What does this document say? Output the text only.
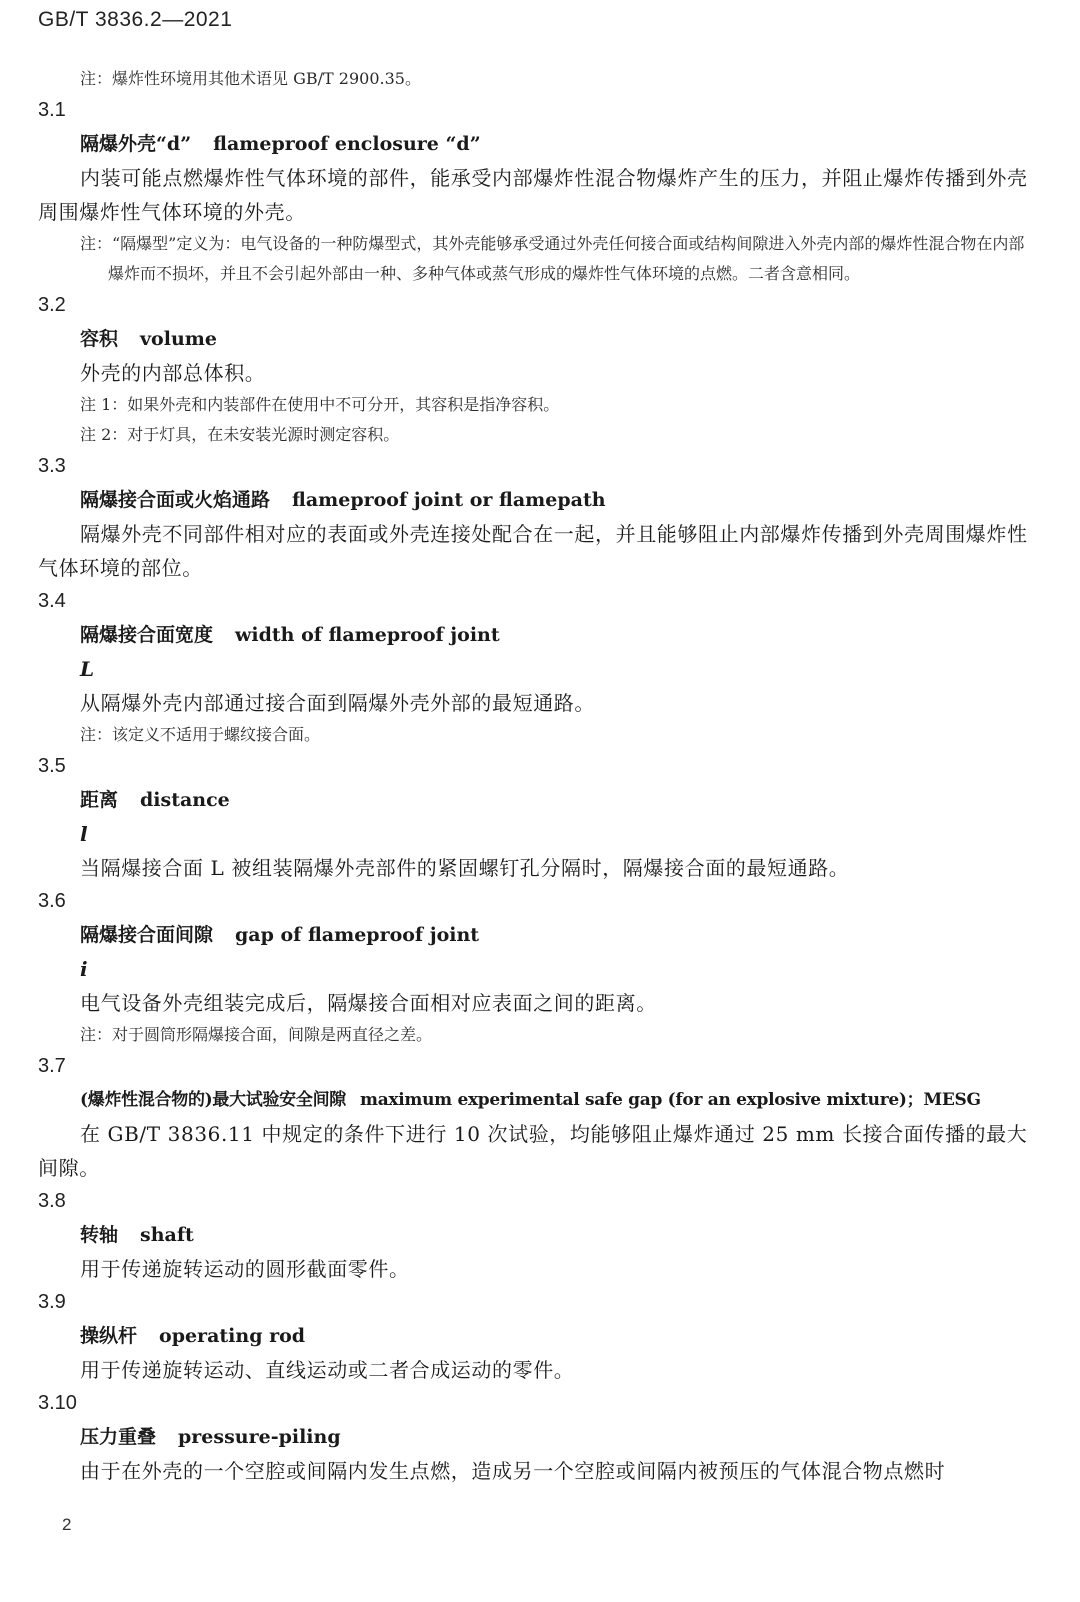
GB/T 3836.2—2021
注：爆炸性环境用其他术语见 GB/T 2900.35。
3.1
隔爆外壳“d” flameproof enclosure “d”
内装可能点燃爆炸性气体环境的部件，能承受内部爆炸性混合物爆炸产生的压力，并阻止爆炸传播到外壳周围爆炸性气体环境的外壳。
注：“隔爆型”定义为：电气设备的一种防爆型式，其外壳能够承受通过外壳任何接合面或结构间隙进入外壳内部的爆炸性混合物在内部爆炸而不损坏，并且不会引起外部由一种、多种气体或蒸气形成的爆炸性气体环境的点燃。二者含意相同。
3.2
容积 volume
外壳的内部总体积。
注 1：如果外壳和内装部件在使用中不可分开，其容积是指净容积。
注 2：对于灯具，在未安装光源时测定容积。
3.3
隔爆接合面或火焰通路 flameproof joint or flamepath
隔爆外壳不同部件相对应的表面或外壳连接处配合在一起，并且能够阻止内部爆炸传播到外壳周围爆炸性气体环境的部位。
3.4
隔爆接合面宽度 width of flameproof joint
L
从隔爆外壳内部通过接合面到隔爆外壳外部的最短通路。
注：该定义不适用于螺纹接合面。
3.5
距离 distance
l
当隔爆接合面 L 被组装隔爆外壳部件的紧固螺钉孔分隔时，隔爆接合面的最短通路。
3.6
隔爆接合面间隙 gap of flameproof joint
i
电气设备外壳组装完成后，隔爆接合面相对应表面之间的距离。
注：对于圆筒形隔爆接合面，间隙是两直径之差。
3.7
(爆炸性混合物的)最大试验安全间隙 maximum experimental safe gap (for an explosive mixture)；MESG
在 GB/T 3836.11 中规定的条件下进行 10 次试验，均能够阻止爆炸通过 25 mm 长接合面传播的最大间隙。
3.8
转轴 shaft
用于传递旋转运动的圆形截面零件。
3.9
操纵杆 operating rod
用于传递旋转运动、直线运动或二者合成运动的零件。
3.10
压力重叠 pressure-piling
由于在外壳的一个空腔或间隔内发生点燃，造成另一个空腔或间隔内被预压的气体混合物点燃时
2
